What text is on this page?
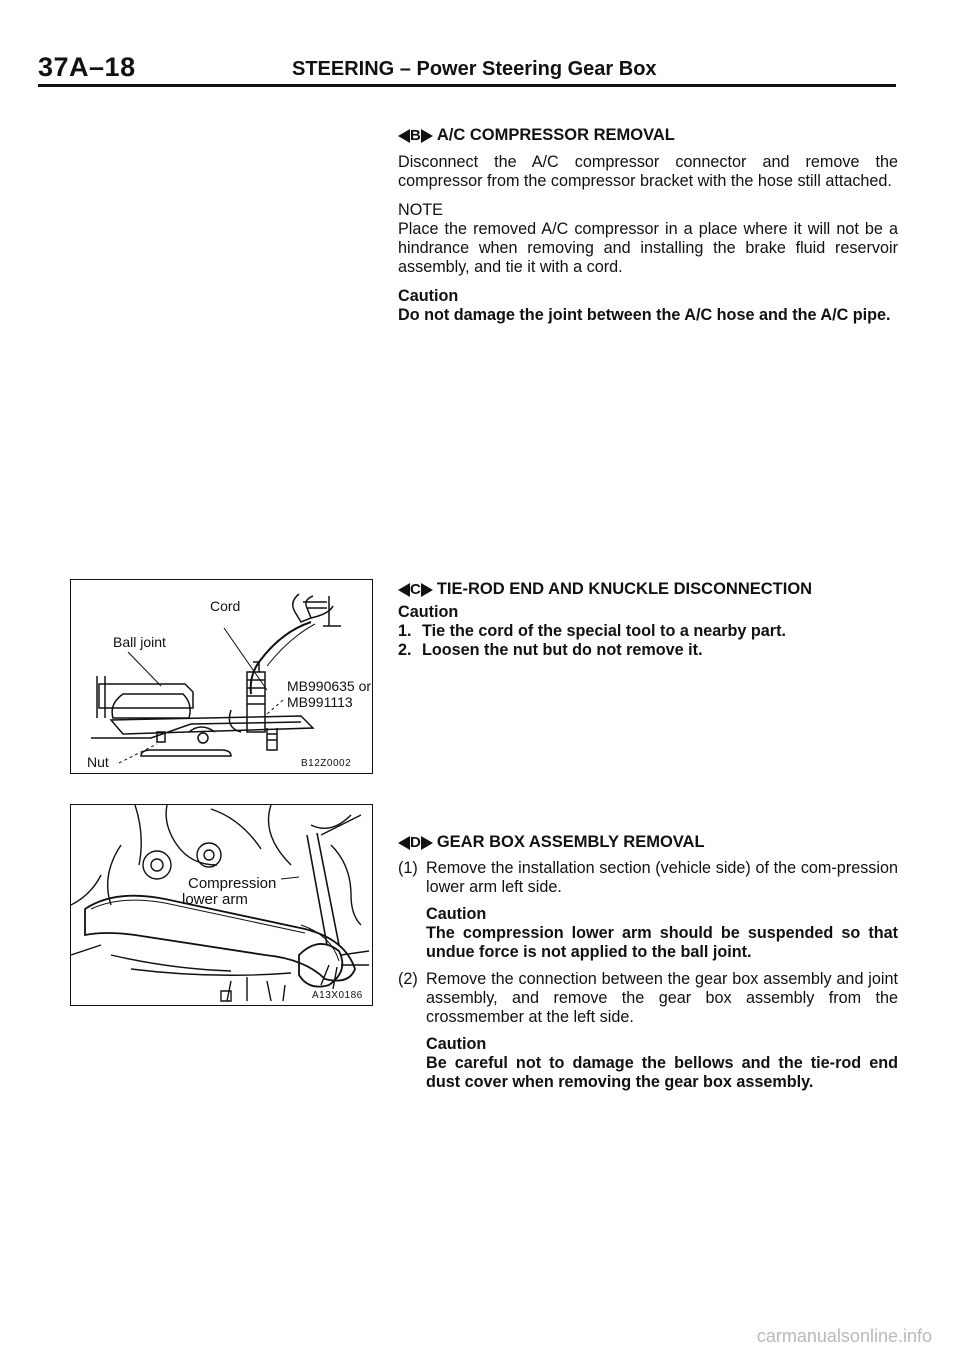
37A–18	STEERING – Power Steering Gear Box
B A/C COMPRESSOR REMOVAL

Disconnect the A/C compressor connector and remove the compressor from the compressor bracket with the hose still attached.

NOTE

Place the removed A/C compressor in a place where it will not be a hindrance when removing and installing the brake fluid reservoir assembly, and tie it with a cord.

Caution

Do not damage the joint between the A/C hose and the A/C pipe.

C TIE-ROD END AND KNUCKLE DISCONNECTION

Caution

1. Tie the cord of the special tool to a nearby part.
2. Loosen the nut but do not remove it.
D GEAR BOX ASSEMBLY REMOVAL
(1) Remove the installation section (vehicle side) of the com-pression lower arm left side.

Caution

The compression lower arm should be suspended so that undue force is not applied to the ball joint.

(2) Remove the connection between the gear box assembly and joint assembly, and remove the gear box assembly from the crossmember at the left side.

Caution

Be careful not to damage the bellows and the tie-rod end dust cover when removing the gear box assembly.

Cord
Ball joint
MB990635 or
MB991113
Nut	B12Z0002
Compression
lower arm
A13X0186
carmanualsonline.info
